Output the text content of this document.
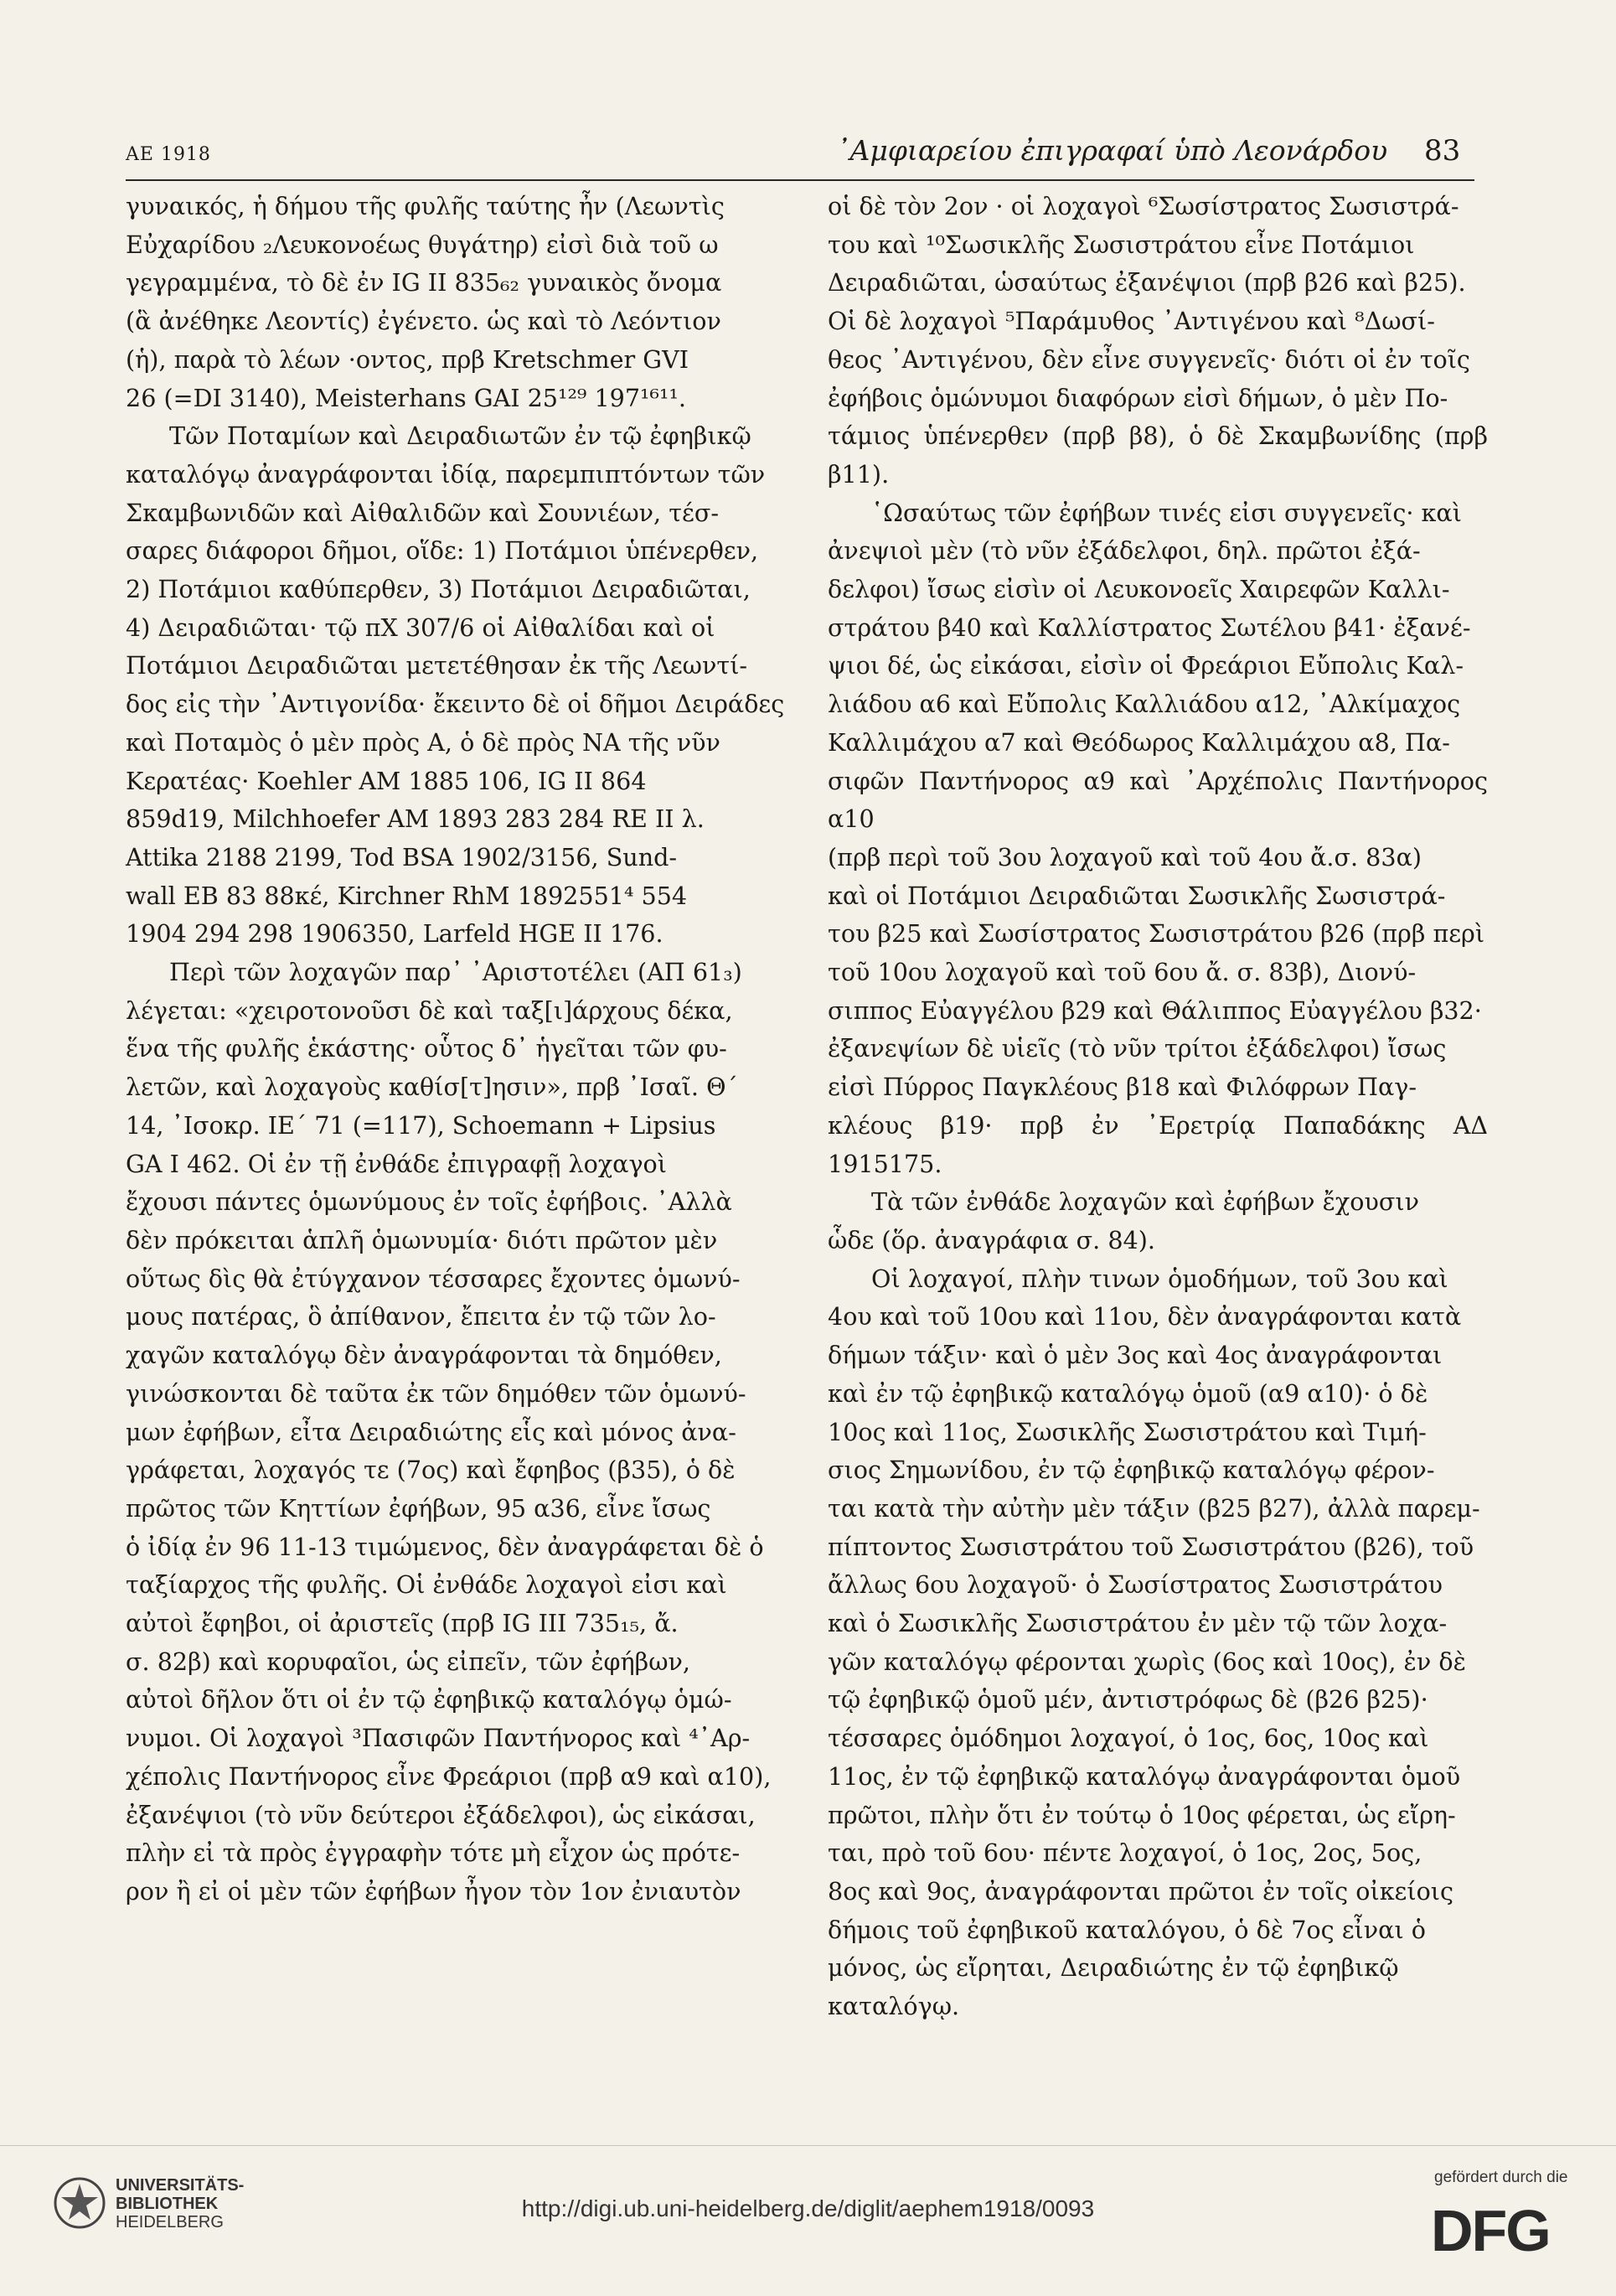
ΑΕ 1918	᾿Αμφιαρείου ἐπιγραφαί ὑπὸ Λεονάρδου 83

γυναικός, ἡ δήμου τῆς φυλῆς ταύτης ἦν (Λεωντὶς
Εὐχαρίδου ₂Λευκονοέως θυγάτηρ) εἰσὶ διὰ τοῦ ω
γεγραμμένα, τὸ δὲ ἐν IG II 835₆₂ γυναικὸς ὄνομα
(ἃ ἀνέθηκε Λεοντίς) ἐγένετο. ὡς καὶ τὸ Λεόντιον
(ἡ), παρὰ τὸ λέων ·οντος, πρβ Kretschmer GVI
26 (=DI 3140), Meisterhans GAI 25¹²⁹ 197¹⁶¹¹.

Τῶν Ποταμίων καὶ Δειραδιωτῶν ἐν τῷ ἐφηβικῷ
καταλόγῳ ἀναγράφονται ἰδίᾳ, παρεμπιπτόντων τῶν
Σκαμβωνιδῶν καὶ Αἰθαλιδῶν καὶ Σουνιέων, τέσ-
σαρες διάφοροι δῆμοι, οἵδε: 1) Ποτάμιοι ὑπένερθεν,
2) Ποτάμιοι καθύπερθεν, 3) Ποτάμιοι Δειραδιῶται,
4) Δειραδιῶται· τῷ πΧ 307/6 οἱ Αἰθαλίδαι καὶ οἱ
Ποτάμιοι Δειραδιῶται μετετέθησαν ἐκ τῆς Λεωντί-
δος εἰς τὴν ᾿Αντιγονίδα· ἔκειντο δὲ οἱ δῆμοι Δειράδες
καὶ Ποταμὸς ὁ μὲν πρὸς Α, ὁ δὲ πρὸς ΝΑ τῆς νῦν
Κερατέας· Koehler AM 1885 106, IG II 864
859d19, Milchhoefer AM 1893 283 284 RE II λ.
Attika 2188 2199, Tod BSA 1902/3156, Sund-
wall EB 83 88κέ, Kirchner RhM 1892551⁴ 554
1904 294 298 1906350, Larfeld HGE II 176.

Περὶ τῶν λοχαγῶν παρ᾿ ᾿Αριστοτέλει (ΑΠ 61₃)
λέγεται: «χειροτονοῦσι δὲ καὶ ταξ[ι]άρχους δέκα,
ἕνα τῆς φυλῆς ἑκάστης· οὗτος δ᾿ ἡγεῖται τῶν φυ-
λετῶν, καὶ λοχαγοὺς καθίσ[τ]ησιν», πρβ ᾿Ισαῖ. Θ´
14, ᾿Ισοκρ. ΙΕ´ 71 (=117), Schoemann + Lipsius
GA I 462. Οἱ ἐν τῇ ἐνθάδε ἐπιγραφῇ λοχαγοὶ
ἔχουσι πάντες ὁμωνύμους ἐν τοῖς ἐφήβοις. ᾿Αλλὰ
δὲν πρόκειται ἁπλῆ ὁμωνυμία· διότι πρῶτον μὲν
οὕτως δὶς θὰ ἐτύγχανον τέσσαρες ἔχοντες ὁμωνύ-
μους πατέρας, ὃ ἀπίθανον, ἔπειτα ἐν τῷ τῶν λο-
χαγῶν καταλόγῳ δὲν ἀναγράφονται τὰ δημόθεν,
γινώσκονται δὲ ταῦτα ἐκ τῶν δημόθεν τῶν ὁμωνύ-
μων ἐφήβων, εἶτα Δειραδιώτης εἷς καὶ μόνος ἀνα-
γράφεται, λοχαγός τε (7ος) καὶ ἔφηβος (β35), ὁ δὲ
πρῶτος τῶν Κηττίων ἐφήβων, 95 α36, εἶνε ἴσως
ὁ ἰδίᾳ ἐν 96 11-13 τιμώμενος, δὲν ἀναγράφεται δὲ ὁ
ταξίαρχος τῆς φυλῆς. Οἱ ἐνθάδε λοχαγοὶ εἰσι καὶ
αὐτοὶ ἔφηβοι, οἱ ἀριστεῖς (πρβ IG III 735₁₅, ἄ.
σ. 82β) καὶ κορυφαῖοι, ὡς εἰπεῖν, τῶν ἐφήβων,
αὐτοὶ δῆλον ὅτι οἱ ἐν τῷ ἐφηβικῷ καταλόγῳ ὁμώ-
νυμοι. Οἱ λοχαγοὶ ³Πασιφῶν Παντήνορος καὶ ⁴᾿Αρ-
χέπολις Παντήνορος εἶνε Φρεάριοι (πρβ α9 καὶ α10),
ἐξανέψιοι (τὸ νῦν δεύτεροι ἐξάδελφοι), ὡς εἰκάσαι,
πλὴν εἰ τὰ πρὸς ἐγγραφὴν τότε μὴ εἶχον ὡς πρότε-
ρον ἢ εἰ οἱ μὲν τῶν ἐφήβων ἦγον τὸν 1ον ἐνιαυτὸν

οἱ δὲ τὸν 2ον · οἱ λοχαγοὶ ⁶Σωσίστρατος Σωσιστρά-
του καὶ ¹⁰Σωσικλῆς Σωσιστράτου εἶνε Ποτάμιοι
Δειραδιῶται, ὡσαύτως ἐξανέψιοι (πρβ β26 καὶ β25).
Οἱ δὲ λοχαγοὶ ⁵Παράμυθος ᾿Αντιγένου καὶ ⁸Δωσί-
θεος ᾿Αντιγένου, δὲν εἶνε συγγενεῖς· διότι οἱ ἐν τοῖς
ἐφήβοις ὁμώνυμοι διαφόρων εἰσὶ δήμων, ὁ μὲν Πο-
τάμιος ὑπένερθεν (πρβ β8), ὁ δὲ Σκαμβωνίδης (πρβ β11).

῾Ωσαύτως τῶν ἐφήβων τινές εἰσι συγγενεῖς· καὶ
ἀνεψιοὶ μὲν (τὸ νῦν ἐξάδελφοι, δηλ. πρῶτοι ἐξά-
δελφοι) ἴσως εἰσὶν οἱ Λευκονοεῖς Χαιρεφῶν Καλλι-
στράτου β40 καὶ Καλλίστρατος Σωτέλου β41· ἐξανέ-
ψιοι δέ, ὡς εἰκάσαι, εἰσὶν οἱ Φρεάριοι Εὔπολις Καλ-
λιάδου α6 καὶ Εὔπολις Καλλιάδου α12, ᾿Αλκίμαχος
Καλλιμάχου α7 καὶ Θεόδωρος Καλλιμάχου α8, Πα-
σιφῶν Παντήνορος α9 καὶ ᾿Αρχέπολις Παντήνορος α10
(πρβ περὶ τοῦ 3ου λοχαγοῦ καὶ τοῦ 4ου ἄ.σ. 83α)
καὶ οἱ Ποτάμιοι Δειραδιῶται Σωσικλῆς Σωσιστρά-
του β25 καὶ Σωσίστρατος Σωσιστράτου β26 (πρβ περὶ
τοῦ 10ου λοχαγοῦ καὶ τοῦ 6ου ἄ. σ. 83β), Διονύ-
σιππος Εὐαγγέλου β29 καὶ Θάλιππος Εὐαγγέλου β32·
ἐξανεψίων δὲ υἱεῖς (τὸ νῦν τρίτοι ἐξάδελφοι) ἴσως
εἰσὶ Πύρρος Παγκλέους β18 καὶ Φιλόφρων Παγ-
κλέους β19· πρβ ἐν ᾿Ερετρίᾳ Παπαδάκης ΑΔ 1915175.

Τὰ τῶν ἐνθάδε λοχαγῶν καὶ ἐφήβων ἔχουσιν
ὧδε (ὅρ. ἀναγράφια σ. 84).

Οἱ λοχαγοί, πλὴν τινων ὁμοδήμων, τοῦ 3ου καὶ
4ου καὶ τοῦ 10ου καὶ 11ου, δὲν ἀναγράφονται κατὰ
δήμων τάξιν· καὶ ὁ μὲν 3ος καὶ 4ος ἀναγράφονται
καὶ ἐν τῷ ἐφηβικῷ καταλόγῳ ὁμοῦ (α9 α10)· ὁ δὲ
10ος καὶ 11ος, Σωσικλῆς Σωσιστράτου καὶ Τιμή-
σιος Σημωνίδου, ἐν τῷ ἐφηβικῷ καταλόγῳ φέρον-
ται κατὰ τὴν αὐτὴν μὲν τάξιν (β25 β27), ἀλλὰ παρεμ-
πίπτοντος Σωσιστράτου τοῦ Σωσιστράτου (β26), τοῦ
ἄλλως 6ου λοχαγοῦ· ὁ Σωσίστρατος Σωσιστράτου
καὶ ὁ Σωσικλῆς Σωσιστράτου ἐν μὲν τῷ τῶν λοχα-
γῶν καταλόγῳ φέρονται χωρὶς (6ος καὶ 10ος), ἐν δὲ
τῷ ἐφηβικῷ ὁμοῦ μέν, ἀντιστρόφως δὲ (β26 β25)·
τέσσαρες ὁμόδημοι λοχαγοί, ὁ 1ος, 6ος, 10ος καὶ
11ος, ἐν τῷ ἐφηβικῷ καταλόγῳ ἀναγράφονται ὁμοῦ
πρῶτοι, πλὴν ὅτι ἐν τούτῳ ὁ 10ος φέρεται, ὡς εἴρη-
ται, πρὸ τοῦ 6ου· πέντε λοχαγοί, ὁ 1ος, 2ος, 5ος,
8ος καὶ 9ος, ἀναγράφονται πρῶτοι ἐν τοῖς οἰκείοις
δήμοις τοῦ ἐφηβικοῦ καταλόγου, ὁ δὲ 7ος εἶναι ὁ
μόνος, ὡς εἴρηται, Δειραδιώτης ἐν τῷ ἐφηβικῷ
καταλόγῳ.

UNIVERSITÄTS-
BIBLIOTHEK
HEIDELBERG
http://digi.ub.uni-heidelberg.de/diglit/aephem1918/0093
gefördert durch die
DFG
